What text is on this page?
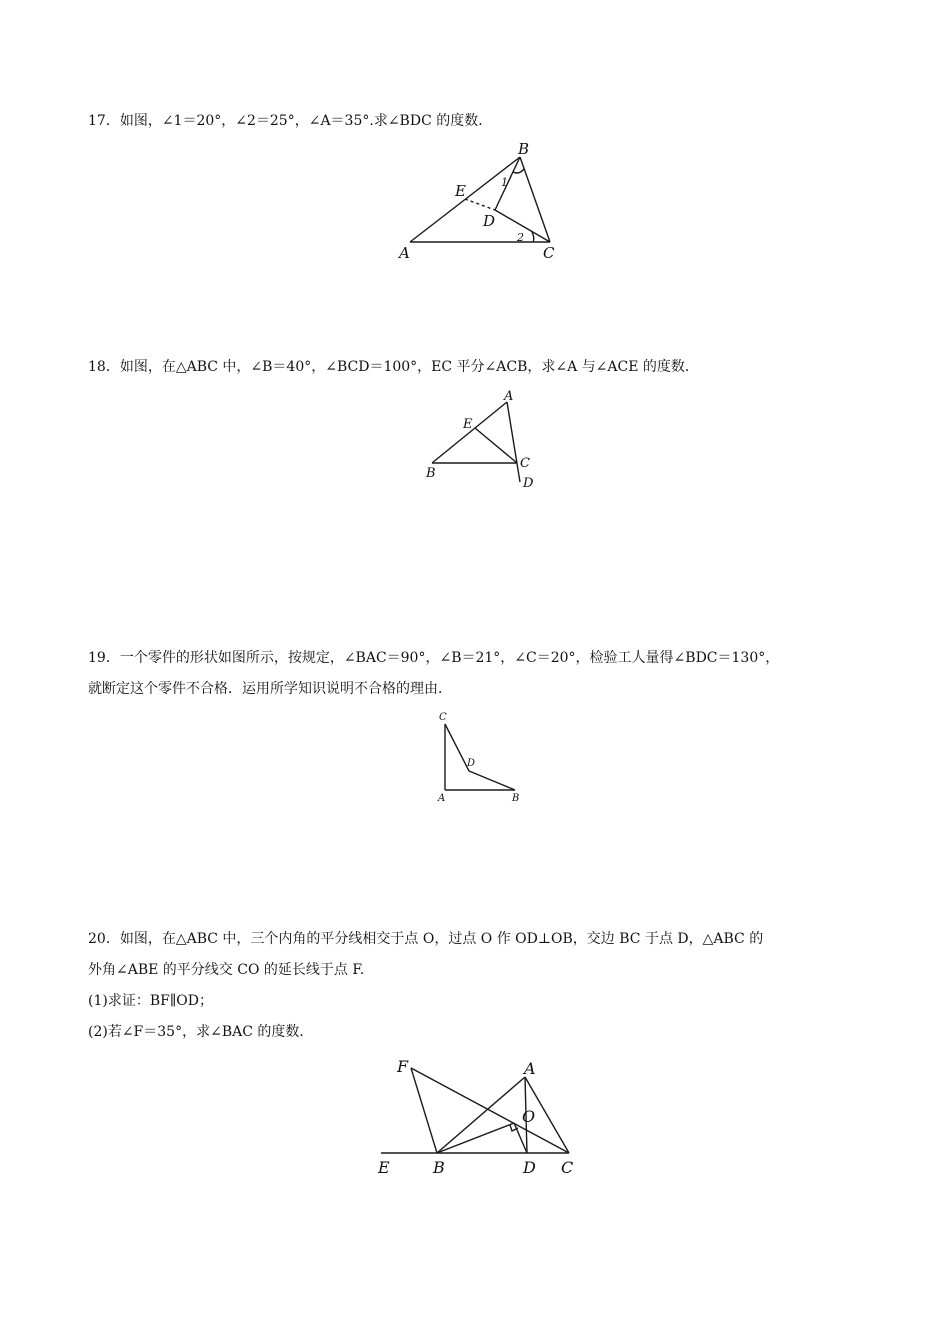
17．如图，∠1＝20°，∠2＝25°，∠A＝35°.求∠BDC 的度数．

B
E
D
A	C
1
2

18．如图，在△ABC 中，∠B＝40°，∠BCD＝100°，EC 平分∠ACB，求∠A 与∠ACE 的度数．

A
E
B
C
D

19．一个零件的形状如图所示，按规定，∠BAC＝90°，∠B＝21°，∠C＝20°，检验工人量得∠BDC＝130°，

就断定这个零件不合格．运用所学知识说明不合格的理由．

C
D
A	B

20．如图，在△ABC 中，三个内角的平分线相交于点 O，过点 O 作 OD⊥OB，交边 BC 于点 D，△ABC 的

外角∠ABE 的平分线交 CO 的延长线于点 F.

(1)求证：BF∥OD；

(2)若∠F＝35°，求∠BAC 的度数．

F	A
O
E	B	D C
